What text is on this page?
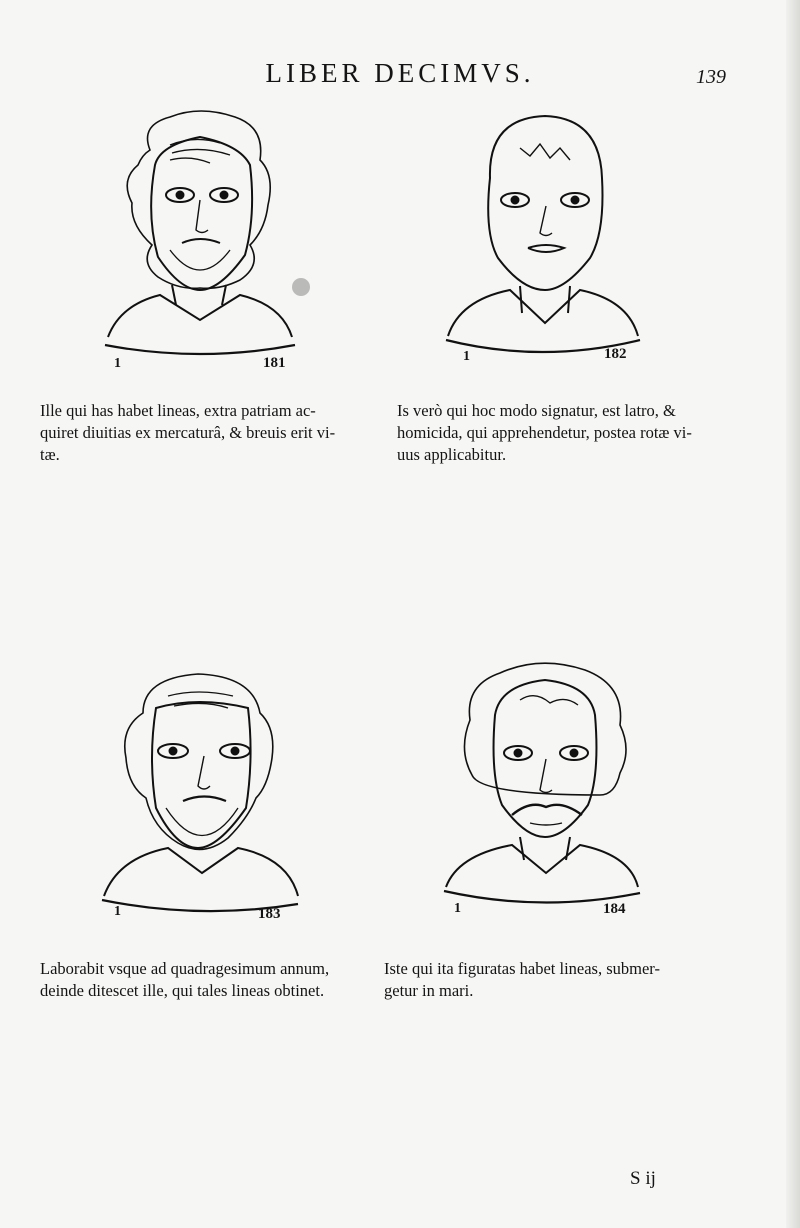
LIBER DECIMVS.	139
1	181	1	182
1	183	1	184
Ille qui has habet lineas, extra patriam ac-
quiret diuitias ex mercaturâ, & breuis erit vi-
tæ.
Is verò qui hoc modo signatur, est latro, &
homicida, qui apprehendetur, postea rotæ vi-
uus applicabitur.
Laborabit vsque ad quadragesimum annum,
deinde ditescet ille, qui tales lineas obtinet.
Iste qui ita figuratas habet lineas, submer-
getur in mari.
S ij
